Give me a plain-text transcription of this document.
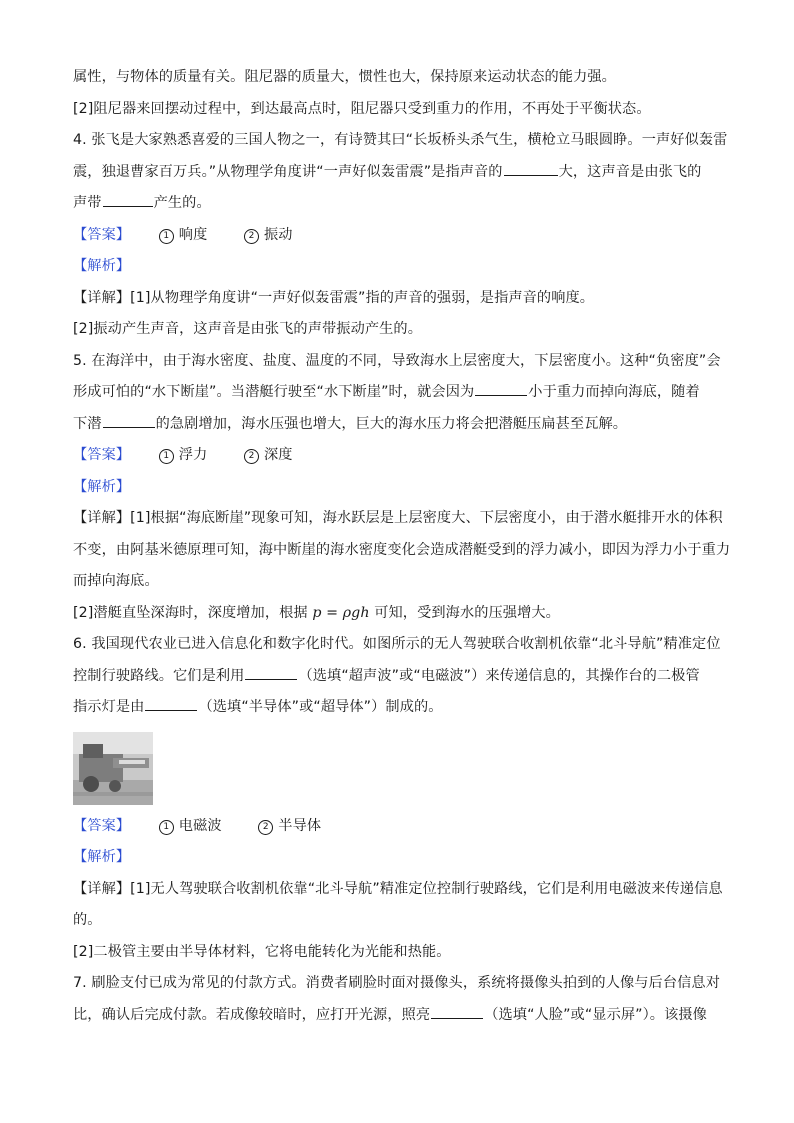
属性，与物体的质量有关。阻尼器的质量大，惯性也大，保持原来运动状态的能力强。
[2]阻尼器来回摆动过程中，到达最高点时，阻尼器只受到重力的作用，不再处于平衡状态。
4. 张飞是大家熟悉喜爱的三国人物之一，有诗赞其曰“长坂桥头杀气生，横枪立马眼圆睁。一声好似轰雷
震，独退曹家百万兵。”从物理学角度讲“一声好似轰雷震”是指声音的	大，这声音是由张飞的
声带	产生的。
【答案】	1 响度	2 振动
【解析】
【详解】[1]从物理学角度讲“一声好似轰雷震”指的声音的强弱，是指声音的响度。
[2]振动产生声音，这声音是由张飞的声带振动产生的。
5. 在海洋中，由于海水密度、盐度、温度的不同，导致海水上层密度大，下层密度小。这种“负密度”会
形成可怕的“水下断崖”。当潜艇行驶至“水下断崖”时，就会因为	小于重力而掉向海底，随着
下潜	的急剧增加，海水压强也增大，巨大的海水压力将会把潜艇压扁甚至瓦解。
【答案】	1 浮力	2 深度
【解析】
【详解】[1]根据“海底断崖”现象可知，海水跃层是上层密度大、下层密度小，由于潜水艇排开水的体积
不变，由阿基米德原理可知，海中断崖的海水密度变化会造成潜艇受到的浮力减小，即因为浮力小于重力
而掉向海底。
[2]潜艇直坠深海时，深度增加，根据 p = ρgh 可知，受到海水的压强增大。
6. 我国现代农业已进入信息化和数字化时代。如图所示的无人驾驶联合收割机依靠“北斗导航”精准定位
控制行驶路线。它们是利用	（选填“超声波”或“电磁波”）来传递信息的，其操作台的二极管
指示灯是由	（选填“半导体”或“超导体”）制成的。
【答案】	1 电磁波	2 半导体
【解析】
【详解】[1]无人驾驶联合收割机依靠“北斗导航”精准定位控制行驶路线，它们是利用电磁波来传递信息
的。
[2]二极管主要由半导体材料，它将电能转化为光能和热能。
7. 刷脸支付已成为常见的付款方式。消费者刷脸时面对摄像头，系统将摄像头拍到的人像与后台信息对
比，确认后完成付款。若成像较暗时，应打开光源，照亮	（选填“人脸”或“显示屏”）。该摄像
